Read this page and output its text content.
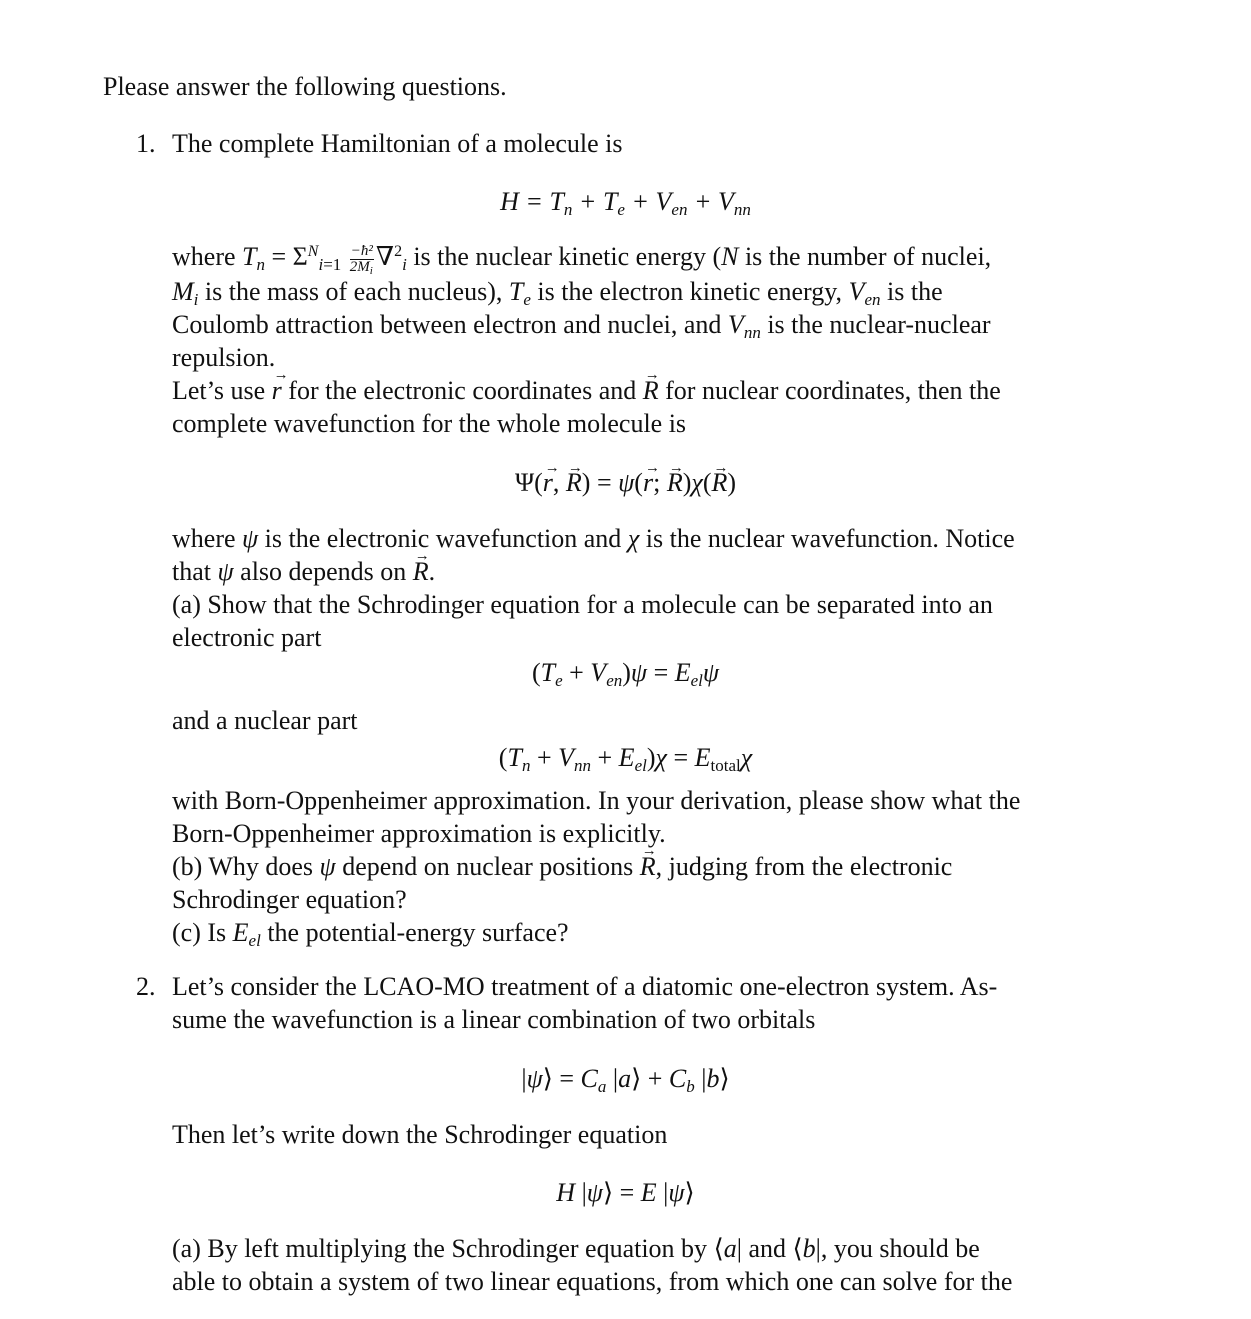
Please answer the following questions.
1. The complete Hamiltonian of a molecule is
$H = T_n + T_e + V_{en} + V_{nn}$
where $T_n = \Sigma^N_{i=1} \frac{\text{−ħ²}}{2M_i} \nabla^2_i$ is the nuclear kinetic energy (N is the number of nuclei,
$M_i$ is the mass of each nucleus), $T_e$ is the electron kinetic energy, $V_{en}$ is the
Coulomb attraction between electron and nuclei, and $V_{nn}$ is the nuclear-nuclear
repulsion.
Let’s use r → for the electronic coordinates and R → for nuclear coordinates, then the
complete wavefunction for the whole molecule is
Ψ(r →, R →) = ψ(r →; R →)χ(R →)
where ψ is the electronic wavefunction and χ is the nuclear wavefunction. Notice
that ψ also depends on R →.
(a) Show that the Schrodinger equation for a molecule can be separated into an
electronic part
$(T_e + V_{en})\psi = E_{el}\psi$
and a nuclear part
$(T_n + V_{nn} + E_{el})\chi = E_{total}\chi$
with Born-Oppenheimer approximation. In your derivation, please show what the
Born-Oppenheimer approximation is explicitly.
(b) Why does ψ depend on nuclear positions R →, judging from the electronic
Schrodinger equation?
(c) Is $E_{el}$ the potential-energy surface?
2. Let’s consider the LCAO-MO treatment of a diatomic one-electron system. As-
sume the wavefunction is a linear combination of two orbitals
|ψ⟩ = $C_a$ |a⟩ + $C_b$ |b⟩
Then let’s write down the Schrodinger equation
H |ψ⟩ = E |ψ⟩
(a) By left multiplying the Schrodinger equation by ⟨a| and ⟨b|, you should be
able to obtain a system of two linear equations, from which one can solve for the
